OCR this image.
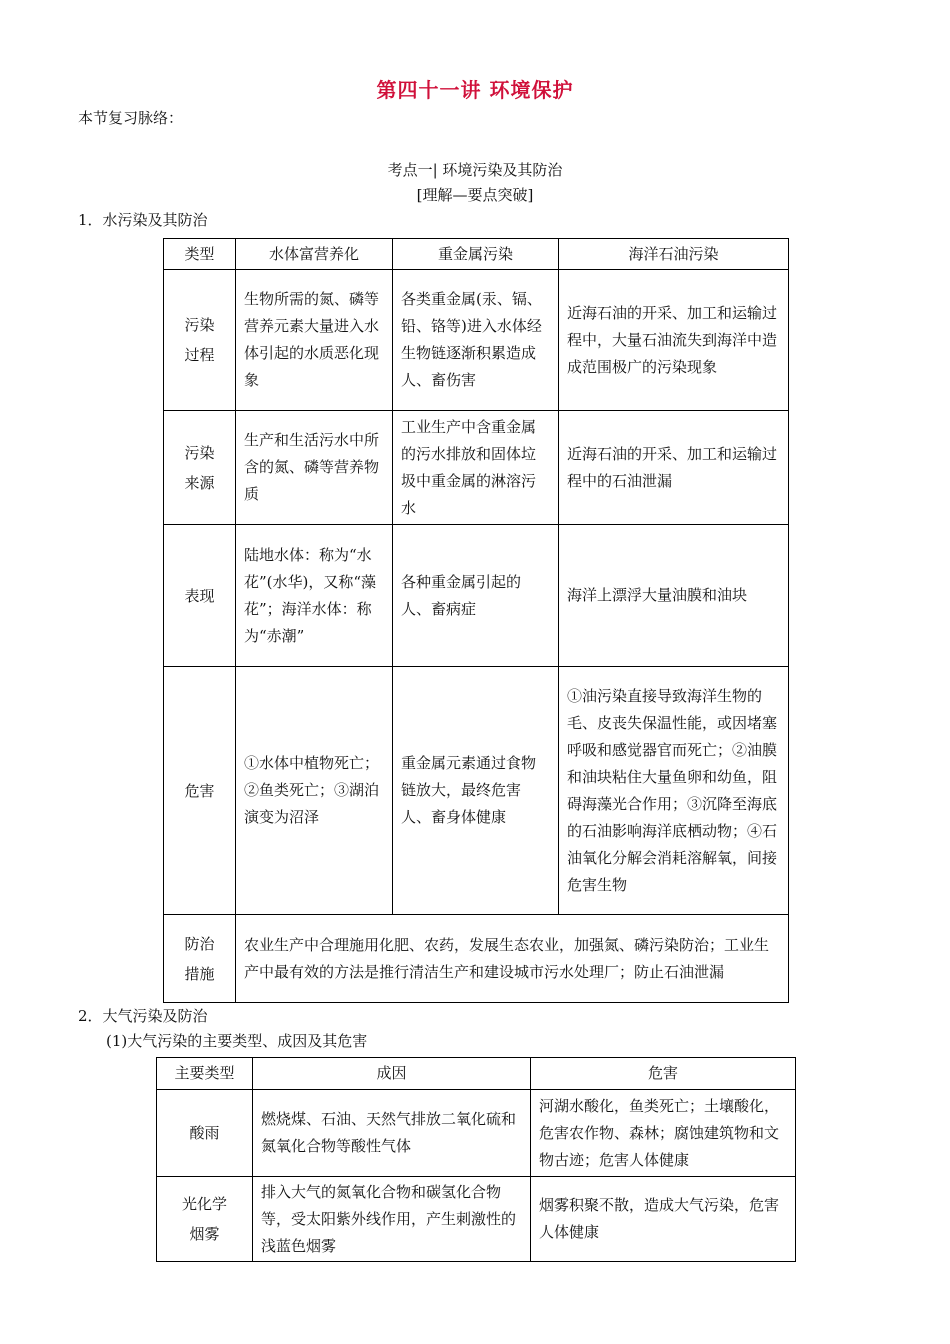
第四十一讲 环境保护
本节复习脉络：
考点一| 环境污染及其防治
[理解—要点突破]
1．水污染及其防治
类型	水体富营养化	重金属污染	海洋石油污染
污染过程	生物所需的氮、磷等营养元素大量进入水体引起的水质恶化现象	各类重金属(汞、镉、铅、铬等)进入水体经生物链逐渐积累造成人、畜伤害	近海石油的开采、加工和运输过程中，大量石油流失到海洋中造成范围极广的污染现象
污染来源	生产和生活污水中所含的氮、磷等营养物质	工业生产中含重金属的污水排放和固体垃圾中重金属的淋溶污水	近海石油的开采、加工和运输过程中的石油泄漏
表现	陆地水体：称为“水花”(水华)，又称“藻花”；海洋水体：称为“赤潮”	各种重金属引起的人、畜病症	海洋上漂浮大量油膜和油块
危害	①水体中植物死亡；②鱼类死亡；③湖泊演变为沼泽	重金属元素通过食物链放大，最终危害人、畜身体健康	①油污染直接导致海洋生物的毛、皮丧失保温性能，或因堵塞呼吸和感觉器官而死亡；②油膜和油块粘住大量鱼卵和幼鱼，阻碍海藻光合作用；③沉降至海底的石油影响海洋底栖动物；④石油氧化分解会消耗溶解氧，间接危害生物
防治措施	农业生产中合理施用化肥、农药，发展生态农业，加强氮、磷污染防治；工业生产中最有效的方法是推行清洁生产和建设城市污水处理厂；防止石油泄漏		
2．大气污染及防治
(1)大气污染的主要类型、成因及其危害
主要类型	成因	危害
酸雨	燃烧煤、石油、天然气排放二氧化硫和氮氧化合物等酸性气体	河湖水酸化，鱼类死亡；土壤酸化，危害农作物、森林；腐蚀建筑物和文物古迹；危害人体健康
光化学烟雾	排入大气的氮氧化合物和碳氢化合物等，受太阳紫外线作用，产生刺激性的浅蓝色烟雾	烟雾积聚不散，造成大气污染，危害人体健康
